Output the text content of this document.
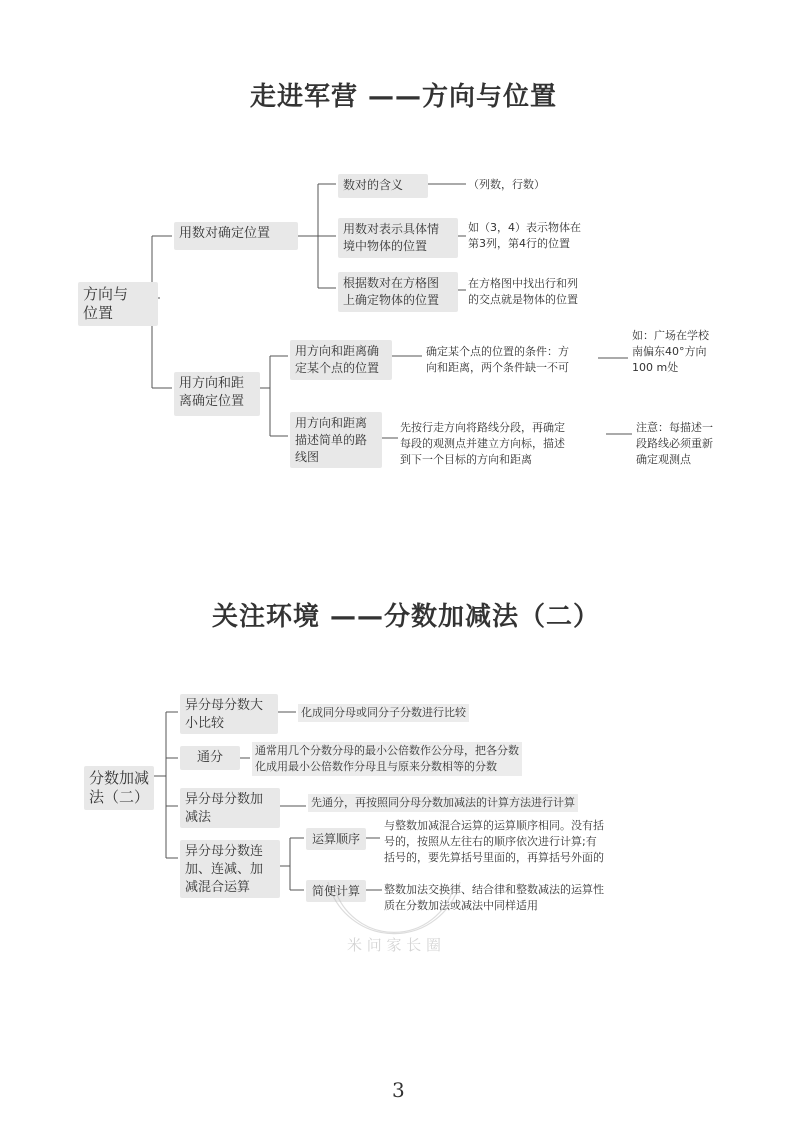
走进军营 ——方向与位置
方向与
位置
用数对确定位置
数对的含义	（列数，行数）
用数对表示具体情
境中物体的位置
如（3，4）表示物体在
第3列，第4行的位置
根据数对在方格图
上确定物体的位置
在方格图中找出行和列
的交点就是物体的位置
用方向和距
离确定位置
用方向和距离确
定某个点的位置
确定某个点的位置的条件：方
向和距离，两个条件缺一不可
如：广场在学校
南偏东40°方向
100 m处
用方向和距离
描述简单的路
线图
先按行走方向将路线分段，再确定
每段的观测点并建立方向标，描述
到下一个目标的方向和距离
注意：每描述一
段路线必须重新
确定观测点
关注环境 ——分数加减法（二）
分数加减
法（二）
异分母分数大
小比较
化成同分母或同分子分数进行比较
通分	通常用几个分数分母的最小公倍数作公分母，把各分数
化成用最小公倍数作分母且与原来分数相等的分数
异分母分数加
减法
先通分，再按照同分母分数加减法的计算方法进行计算
异分母分数连
加、连减、加
减混合运算
运算顺序
与整数加减混合运算的运算顺序相同。没有括
号的，按照从左往右的顺序依次进行计算;有
括号的，要先算括号里面的，再算括号外面的
简便计算	整数加法交换律、结合律和整数减法的运算性
质在分数加法或减法中同样适用
米 问 家 长 圈
3
